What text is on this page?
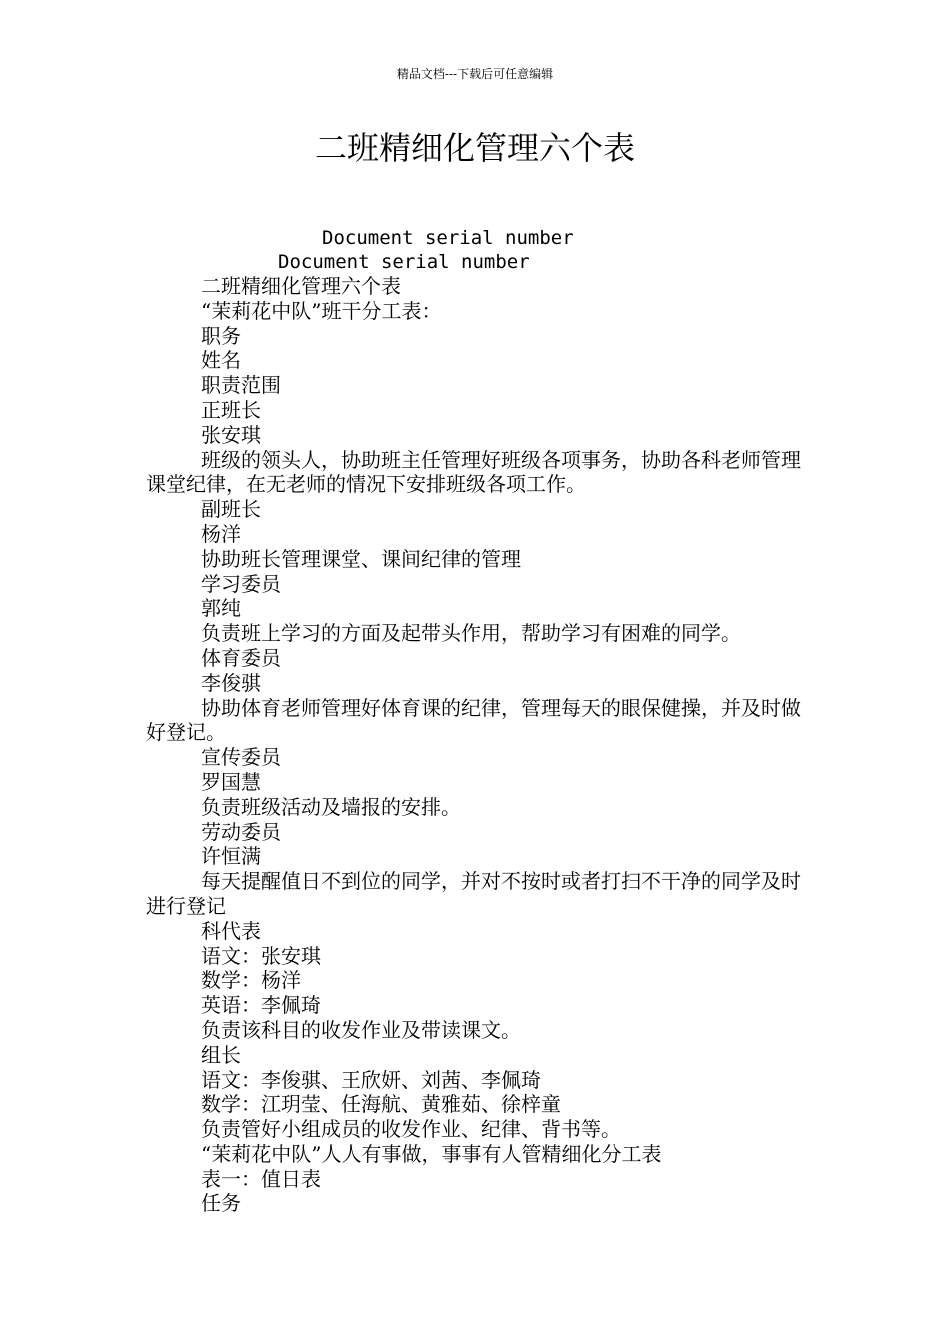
精品文档---下载后可任意编辑
二班精细化管理六个表
Document serial number
Document serial number

二班精细化管理六个表

“茉莉花中队”班干分工表：

职务

姓名

职责范围

正班长

张安琪

班级的领头人，协助班主任管理好班级各项事务，协助各科老师管理课堂纪律，在无老师的情况下安排班级各项工作。

副班长

杨洋

协助班长管理课堂、课间纪律的管理

学习委员

郭纯

负责班上学习的方面及起带头作用，帮助学习有困难的同学。

体育委员

李俊骐

协助体育老师管理好体育课的纪律，管理每天的眼保健操，并及时做好登记。

宣传委员

罗国慧

负责班级活动及墙报的安排。

劳动委员

许恒满

每天提醒值日不到位的同学，并对不按时或者打扫不干净的同学及时进行登记

科代表

语文：张安琪

数学：杨洋

英语：李佩琦

负责该科目的收发作业及带读课文。

组长

语文：李俊骐、王欣妍、刘茜、李佩琦

数学：江玥莹、任海航、黄雅茹、徐梓童

负责管好小组成员的收发作业、纪律、背书等。

“茉莉花中队”人人有事做，事事有人管精细化分工表

表一：值日表

任务
